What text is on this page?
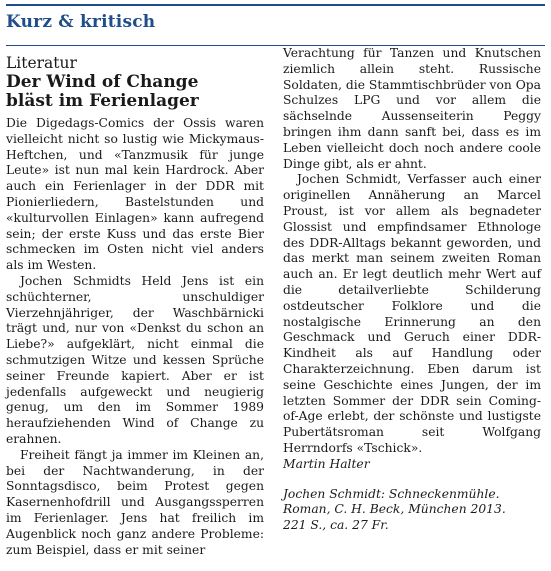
Kurz & kritisch
Literatur
Der Wind of Change
bläst im Ferienlager

Die Digedags-Comics der Ossis waren vielleicht nicht so lustig wie Mickymaus-Heftchen, und «Tanzmusik für junge Leute» ist nun mal kein Hardrock. Aber auch ein Ferienlager in der DDR mit Pionierliedern, Bastelstunden und «kulturvollen Einlagen» kann aufregend sein; der erste Kuss und das erste Bier schmecken im Osten nicht viel anders als im Westen.

Jochen Schmidts Held Jens ist ein schüchterner, unschuldiger Vierzehnjähriger, der Waschbärnicki trägt und, nur von «Denkst du schon an Liebe?» aufgeklärt, nicht einmal die schmutzigen Witze und kessen Sprüche seiner Freunde kapiert. Aber er ist jedenfalls aufgeweckt und neugierig genug, um den im Sommer 1989 heraufziehenden Wind of Change zu erahnen.

Freiheit fängt ja immer im Kleinen an, bei der Nachtwanderung, in der Sonntagsdisco, beim Protest gegen Kasernenhofdrill und Ausgangssperren im Ferienlager. Jens hat freilich im Augenblick noch ganz andere Probleme: zum Beispiel, dass er mit seiner

Verachtung für Tanzen und Knutschen ziemlich allein steht. Russische Soldaten, die Stammtischbrüder von Opa Schulzes LPG und vor allem die sächselnde Aussenseiterin Peggy bringen ihm dann sanft bei, dass es im Leben vielleicht doch noch andere coole Dinge gibt, als er ahnt.

Jochen Schmidt, Verfasser auch einer originellen Annäherung an Marcel Proust, ist vor allem als begnadeter Glossist und empfindsamer Ethnologe des DDR-Alltags bekannt geworden, und das merkt man seinem zweiten Roman auch an. Er legt deutlich mehr Wert auf die detailverliebte Schilderung ostdeutscher Folklore und die nostalgische Erinnerung an den Geschmack und Geruch einer DDR-Kindheit als auf Handlung oder Charakterzeichnung. Eben darum ist seine Geschichte eines Jungen, der im letzten Sommer der DDR sein Coming-of-Age erlebt, der schönste und lustigste Pubertätsroman seit Wolfgang Herrndorfs «Tschick».

Martin Halter
Jochen Schmidt: Schneckenmühle.
Roman, C. H. Beck, München 2013.
221 S., ca. 27 Fr.
